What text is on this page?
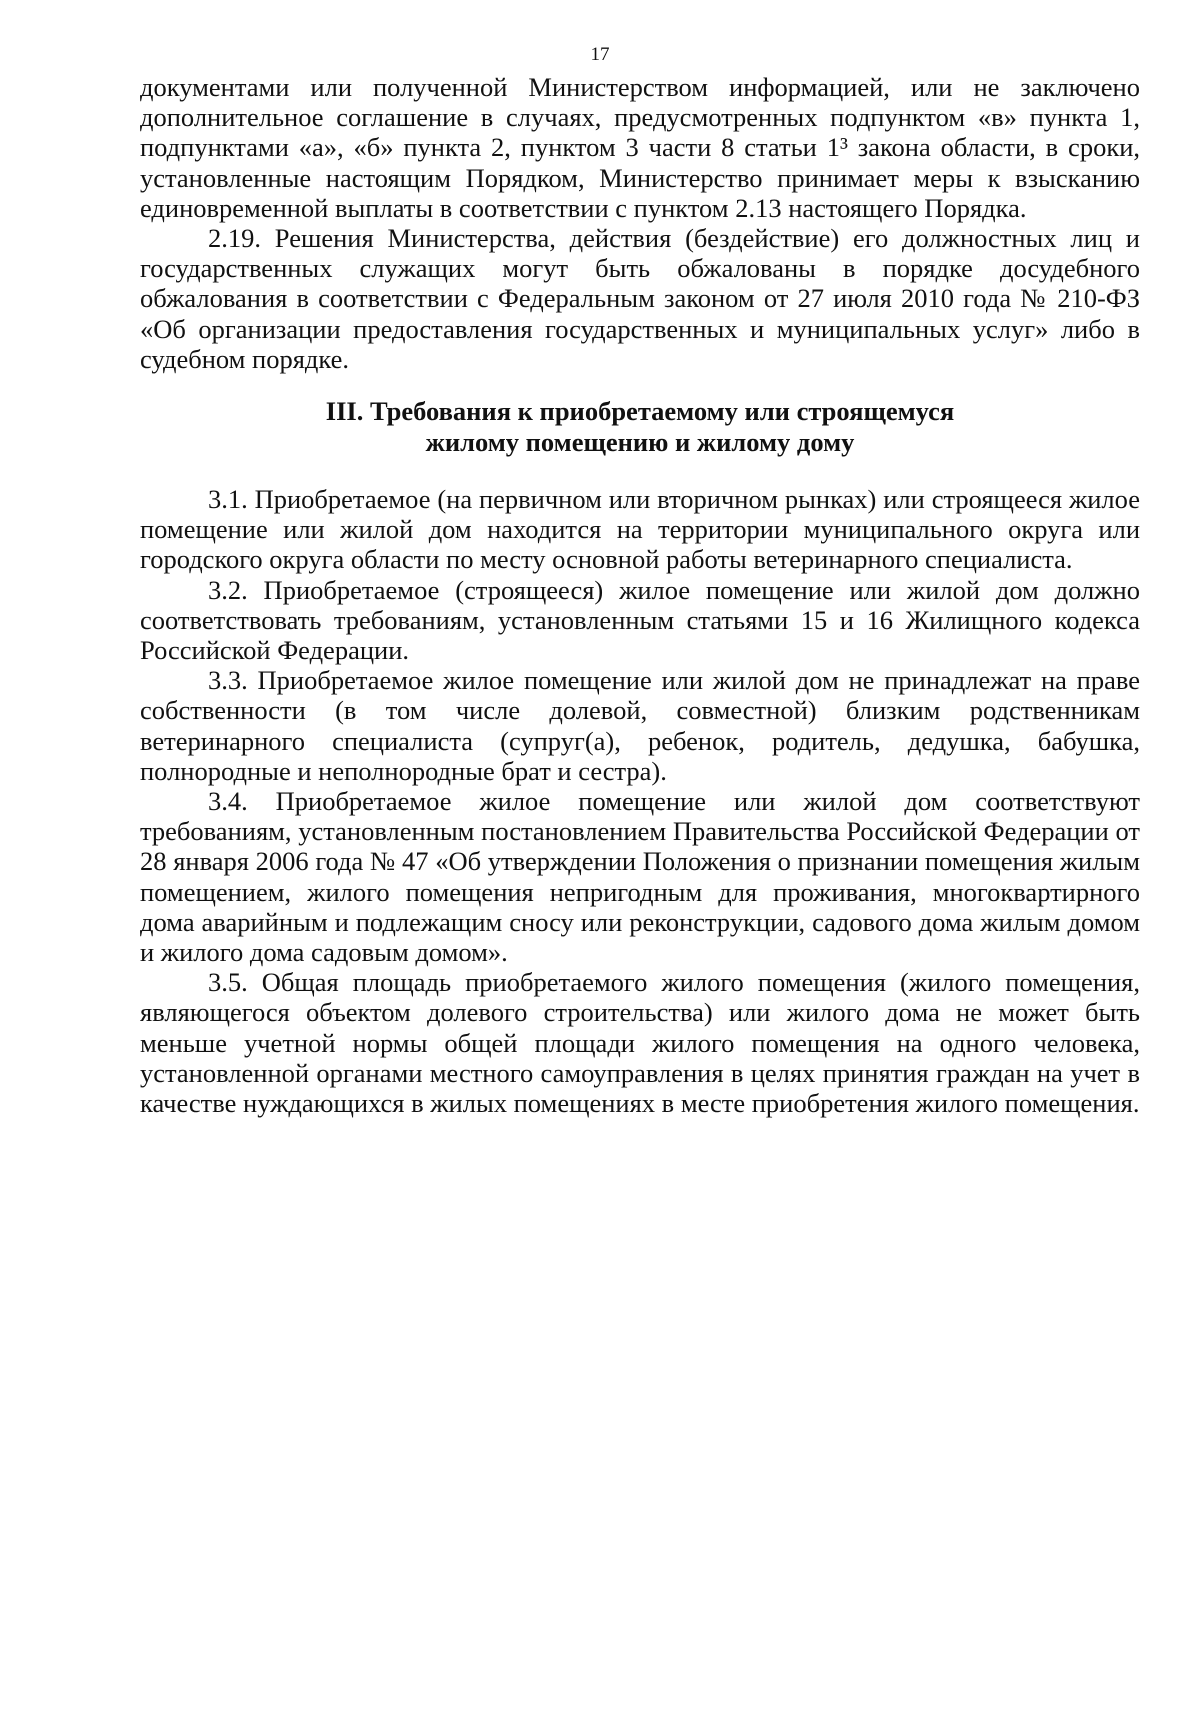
17

документами или полученной Министерством информацией, или не заключено дополнительное соглашение в случаях, предусмотренных подпунктом «в» пункта 1, подпунктами «а», «б» пункта 2, пунктом 3 части 8 статьи 1³ закона области, в сроки, установленные настоящим Порядком, Министерство принимает меры к взысканию единовременной выплаты в соответствии с пунктом 2.13 настоящего Порядка.

2.19. Решения Министерства, действия (бездействие) его должностных лиц и государственных служащих могут быть обжалованы в порядке досудебного обжалования в соответствии с Федеральным законом от 27 июля 2010 года № 210-ФЗ «Об организации предоставления государственных и муниципальных услуг» либо в судебном порядке.

III. Требования к приобретаемому или строящемуся
жилому помещению и жилому дому

3.1. Приобретаемое (на первичном или вторичном рынках) или строящееся жилое помещение или жилой дом находится на территории муниципального округа или городского округа области по месту основной работы ветеринарного специалиста.

3.2. Приобретаемое (строящееся) жилое помещение или жилой дом должно соответствовать требованиям, установленным статьями 15 и 16 Жилищного кодекса Российской Федерации.

3.3. Приобретаемое жилое помещение или жилой дом не принадлежат на праве собственности (в том числе долевой, совместной) близким родственникам ветеринарного специалиста (супруг(а), ребенок, родитель, дедушка, бабушка, полнородные и неполнородные брат и сестра).

3.4. Приобретаемое жилое помещение или жилой дом соответствуют требованиям, установленным постановлением Правительства Российской Федерации от 28 января 2006 года № 47 «Об утверждении Положения о признании помещения жилым помещением, жилого помещения непригодным для проживания, многоквартирного дома аварийным и подлежащим сносу или реконструкции, садового дома жилым домом и жилого дома садовым домом».

3.5. Общая площадь приобретаемого жилого помещения (жилого помещения, являющегося объектом долевого строительства) или жилого дома не может быть меньше учетной нормы общей площади жилого помещения на одного человека, установленной органами местного самоуправления в целях принятия граждан на учет в качестве нуждающихся в жилых помещениях в месте приобретения жилого помещения.
